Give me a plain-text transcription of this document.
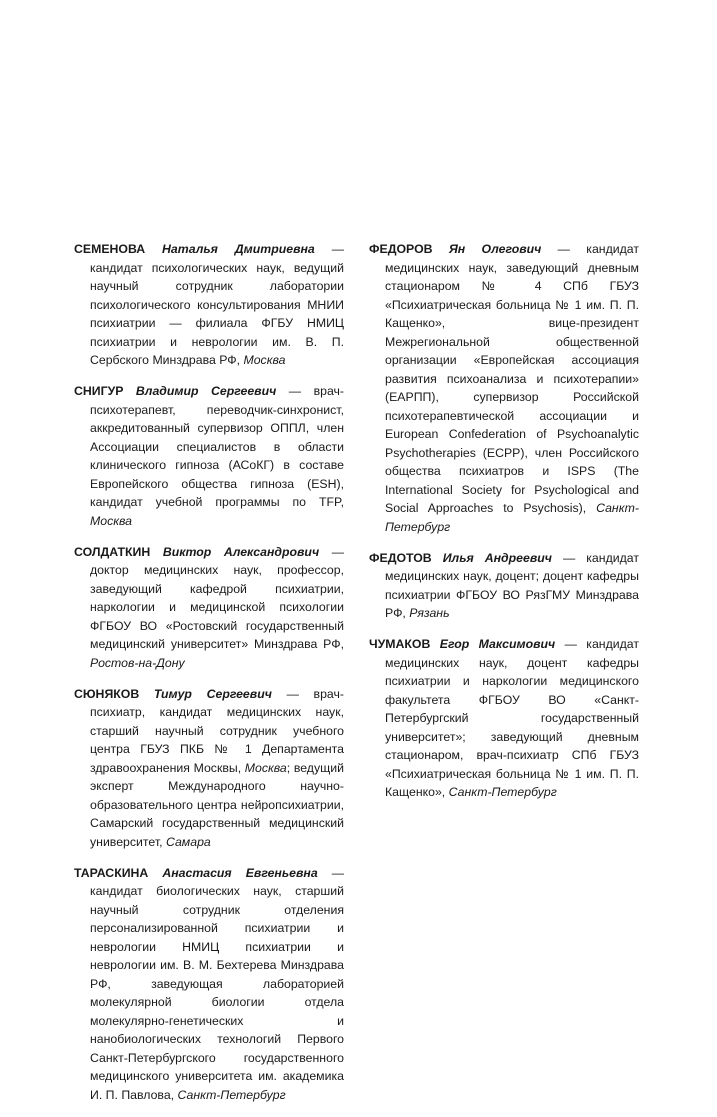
СЕМЕНОВА Наталья Дмитриевна — кандидат психологических наук, ведущий научный сотрудник лаборатории психологического консультирования МНИИ психиатрии — филиала ФГБУ НМИЦ психиатрии и неврологии им. В. П. Сербского Минздрава РФ, Москва

СНИГУР Владимир Сергеевич — врач-психотерапевт, переводчик-синхронист, аккредитованный супервизор ОППЛ, член Ассоциации специалистов в области клинического гипноза (АСоКГ) в составе Европейского общества гипноза (ESH), кандидат учебной программы по TFP, Москва

СОЛДАТКИН Виктор Александрович — доктор медицинских наук, профессор, заведующий кафедрой психиатрии, наркологии и медицинской психологии ФГБОУ ВО «Ростовский государственный медицинский университет» Минздрава РФ, Ростов-на-Дону

СЮНЯКОВ Тимур Сергеевич — врач-психиатр, кандидат медицинских наук, старший научный сотрудник учебного центра ГБУЗ ПКБ № 1 Департамента здравоохранения Москвы, Москва; ведущий эксперт Международного научно-образовательного центра нейропсихиатрии, Самарский государственный медицинский университет, Самара

ТАРАСКИНА Анастасия Евгеньевна — кандидат биологических наук, старший научный сотрудник отделения персонализированной психиатрии и неврологии НМИЦ психиатрии и неврологии им. В. М. Бехтерева Минздрава РФ, заведующая лабораторией молекулярной биологии отдела молекулярно-генетических и нанобиологических технологий Первого Санкт-Петербургского государственного медицинского университета им. академика И. П. Павлова, Санкт-Петербург

ФЕДОРОВ Ян Олегович — кандидат медицинских наук, заведующий дневным стационаром № 4 СПб ГБУЗ «Психиатрическая больница № 1 им. П. П. Кащенко», вице-президент Межрегиональной общественной организации «Европейская ассоциация развития психоанализа и психотерапии» (ЕАРПП), супервизор Российской психотерапевтической ассоциации и European Confederation of Psychoanalytic Psychotherapies (ECPP), член Российского общества психиатров и ISPS (The International Society for Psychological and Social Approaches to Psychosis), Санкт-Петербург

ФЕДОТОВ Илья Андреевич — кандидат медицинских наук, доцент; доцент кафедры психиатрии ФГБОУ ВО РязГМУ Минздрава РФ, Рязань

ЧУМАКОВ Егор Максимович — кандидат медицинских наук, доцент кафедры психиатрии и наркологии медицинского факультета ФГБОУ ВО «Санкт-Петербургский государственный университет»; заведующий дневным стационаром, врач-психиатр СПб ГБУЗ «Психиатрическая больница № 1 им. П. П. Кащенко», Санкт-Петербург
